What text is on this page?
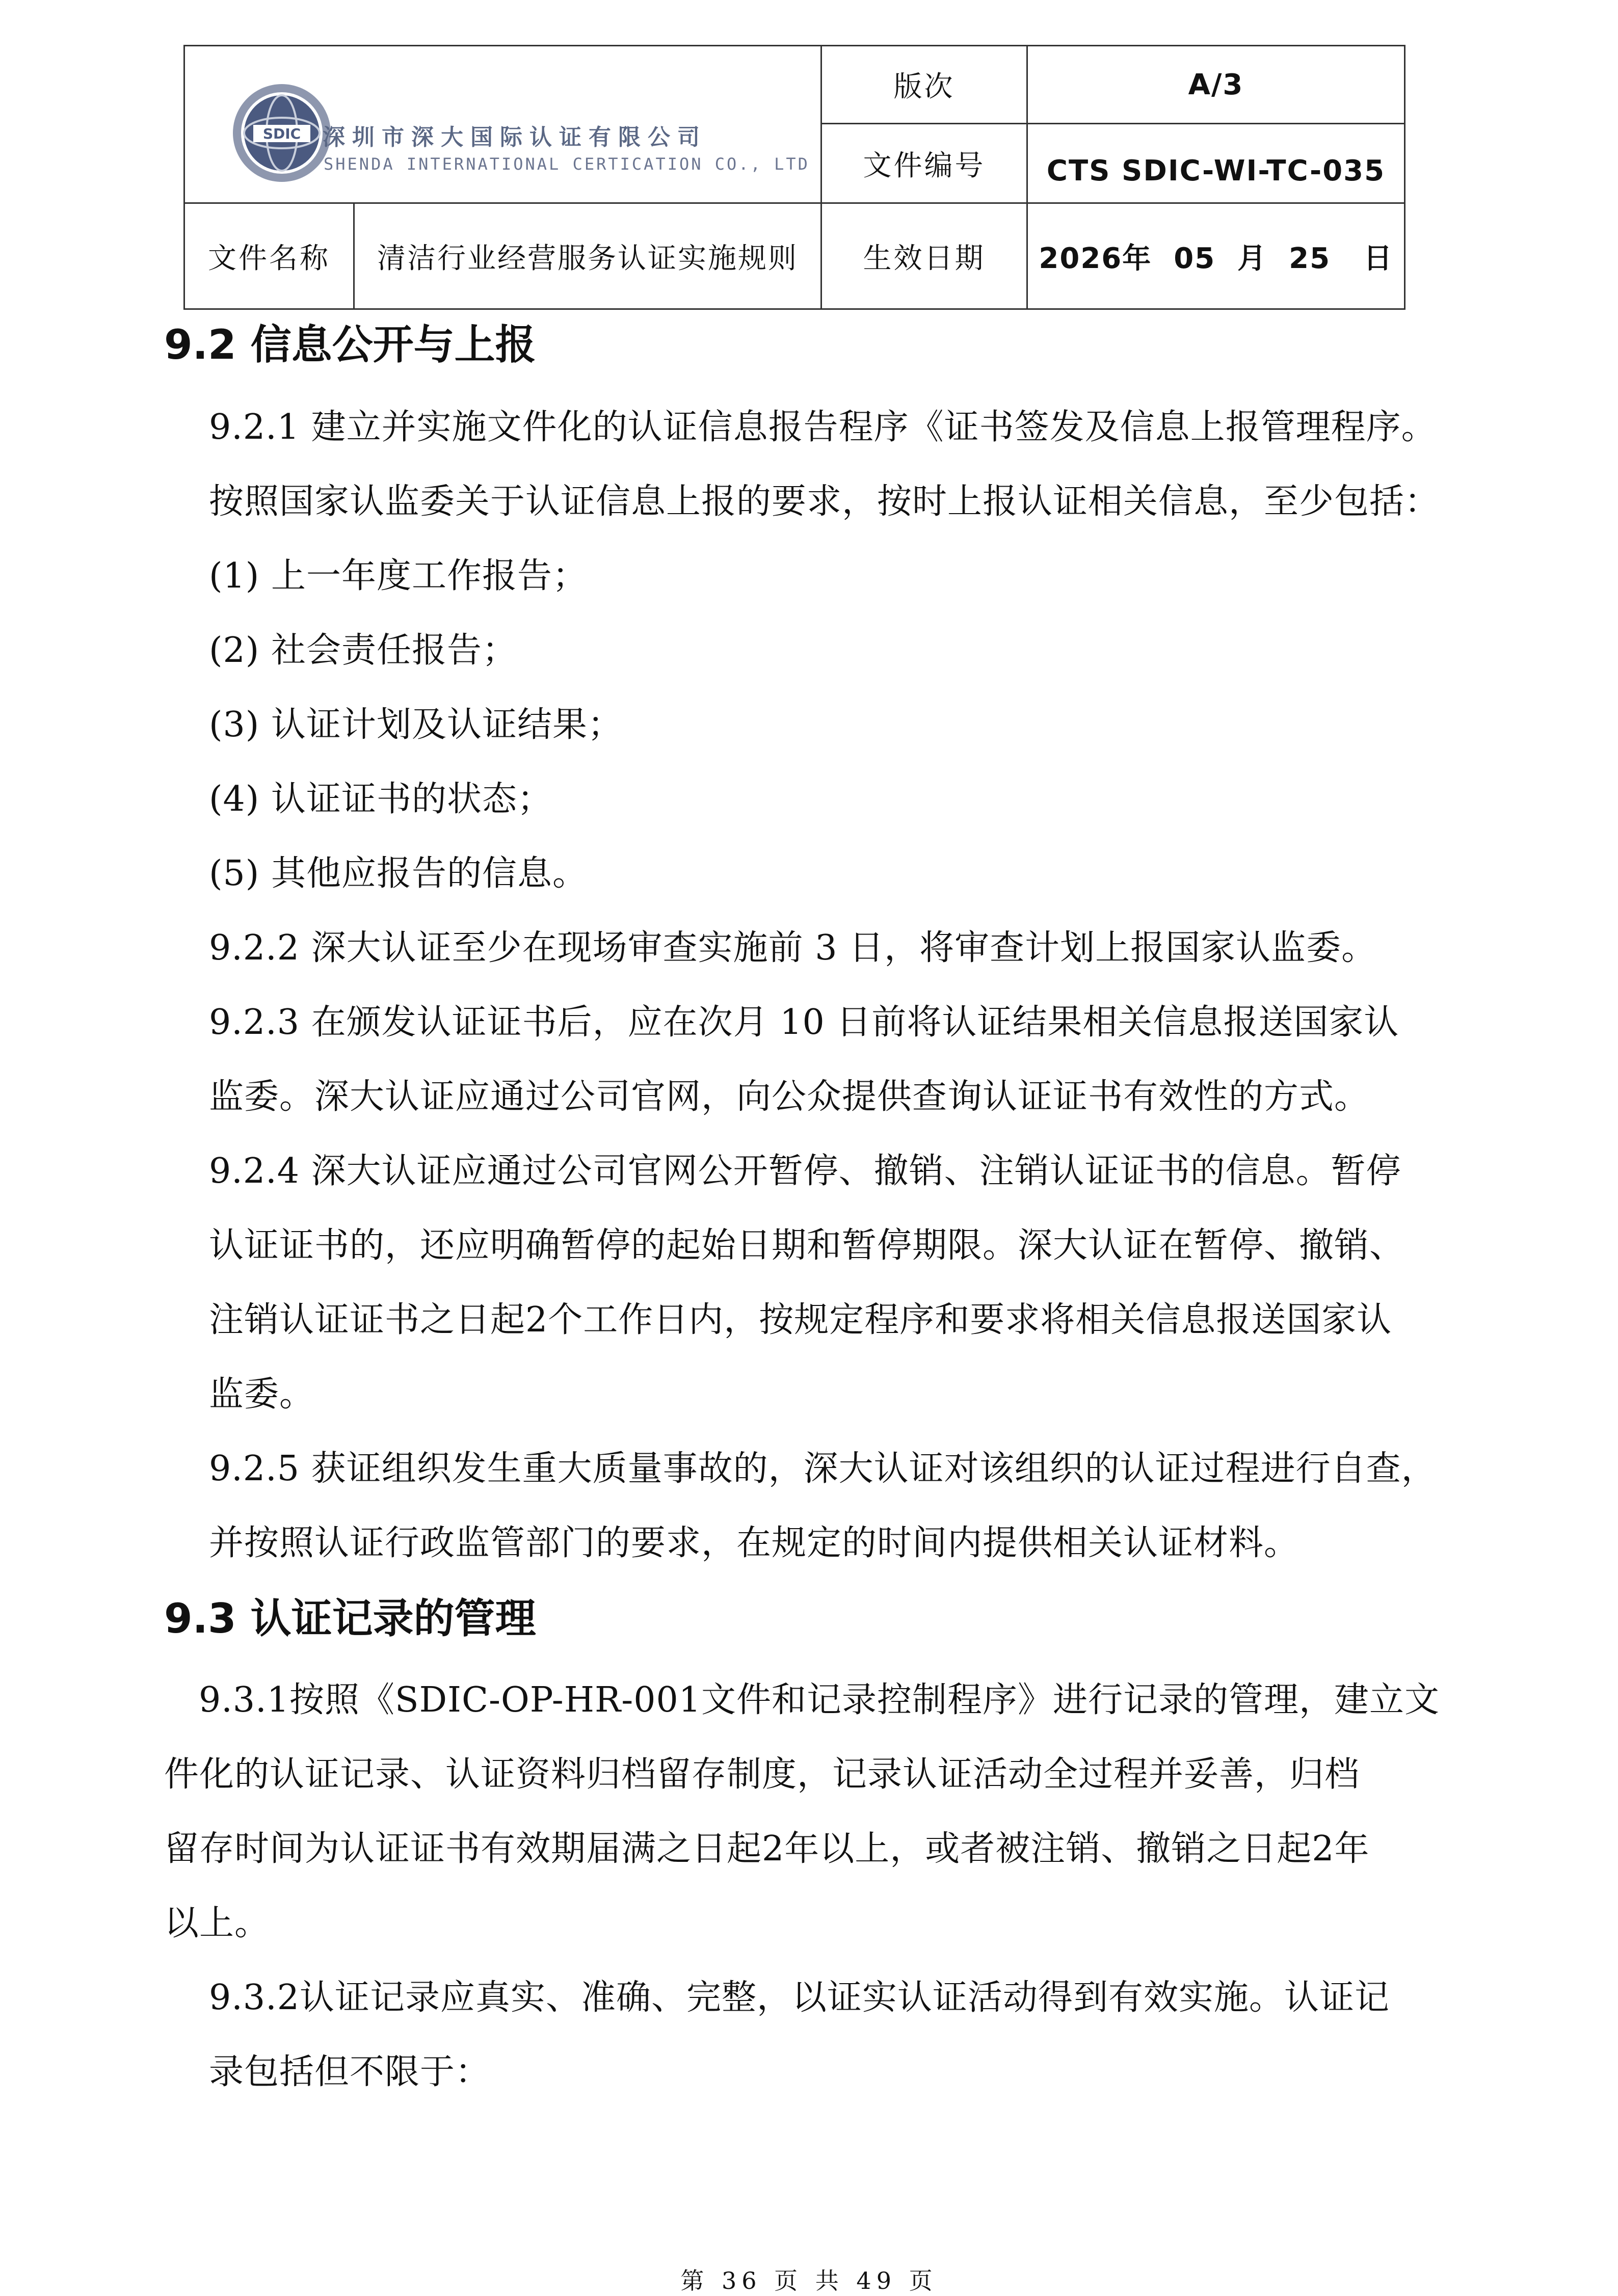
SDIC 深圳市深大国际认证有限公司
SHENDA INTERNATIONAL CERTICATION CO., LTD
版次	A/3
文件编号	CTS SDIC-WI-TC-035
文件名称	清洁行业经营服务认证实施规则	生效日期	2026年  05  月  25   日
9.2 信息公开与上报
9.2.1 建立并实施文件化的认证信息报告程序《证书签发及信息上报管理程序。
按照国家认监委关于认证信息上报的要求，按时上报认证相关信息，至少包括：
(1) 上一年度工作报告；
(2) 社会责任报告；
(3) 认证计划及认证结果；
(4) 认证证书的状态；
(5) 其他应报告的信息。
9.2.2 深大认证至少在现场审查实施前 3 日，将审查计划上报国家认监委。
9.2.3 在颁发认证证书后，应在次月 10 日前将认证结果相关信息报送国家认
监委。深大认证应通过公司官网，向公众提供查询认证证书有效性的方式。
9.2.4 深大认证应通过公司官网公开暂停、撤销、注销认证证书的信息。暂停
认证证书的，还应明确暂停的起始日期和暂停期限。深大认证在暂停、撤销、
注销认证证书之日起2个工作日内，按规定程序和要求将相关信息报送国家认
监委。
9.2.5 获证组织发生重大质量事故的，深大认证对该组织的认证过程进行自查，
并按照认证行政监管部门的要求，在规定的时间内提供相关认证材料。
9.3 认证记录的管理
9.3.1按照《SDIC-OP-HR-001文件和记录控制程序》进行记录的管理，建立文
件化的认证记录、认证资料归档留存制度，记录认证活动全过程并妥善，归档
留存时间为认证证书有效期届满之日起2年以上，或者被注销、撤销之日起2年
以上。
9.3.2认证记录应真实、准确、完整，以证实认证活动得到有效实施。认证记
录包括但不限于：
第 36 页 共 49 页
